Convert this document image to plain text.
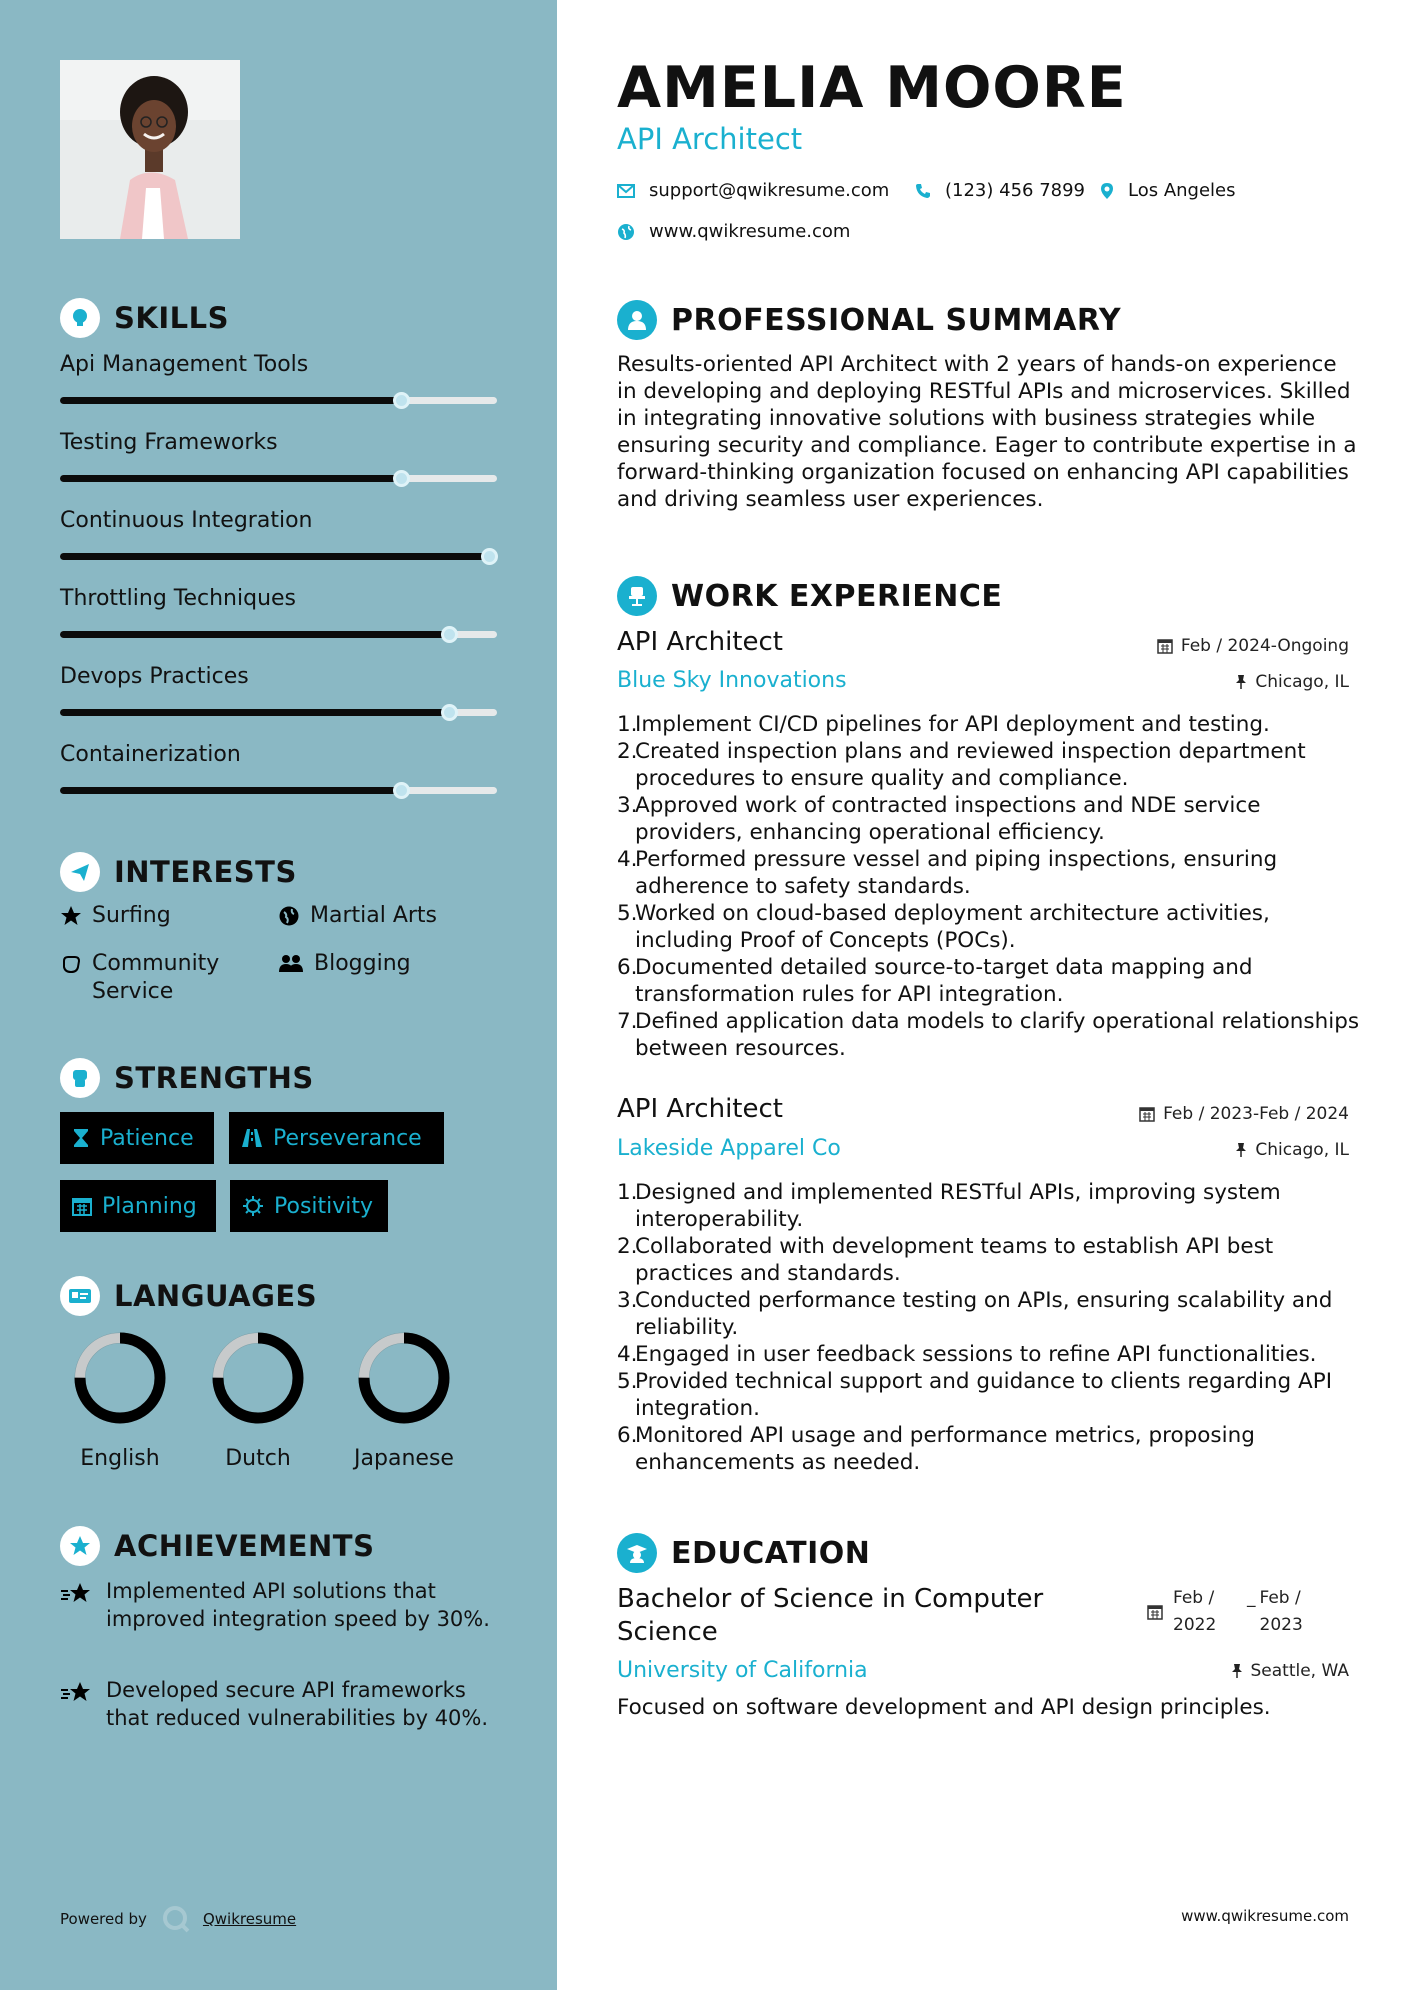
SKILLS
Api Management Tools
Testing Frameworks
Continuous Integration
Throttling Techniques
Devops Practices
Containerization
INTERESTS
Surfing	Martial Arts
Community Service
Blogging
STRENGTHS
Patience	Perseverance
Planning	Positivity
LANGUAGES
English	Dutch	Japanese
ACHIEVEMENTS
Implemented API solutions that improved integration speed by 30%.
Developed secure API frameworks that reduced vulnerabilities by 40%.
Powered by	Qwikresume
AMELIA MOORE
API Architect
support@qwikresume.com	(123) 456 7899 Los Angeles
www.qwikresume.com
PROFESSIONAL SUMMARY
Results-oriented API Architect with 2 years of hands-on experience in developing and deploying RESTful APIs and microservices. Skilled in integrating innovative solutions with business strategies while ensuring security and compliance. Eager to contribute expertise in a forward-thinking organization focused on enhancing API capabilities and driving seamless user experiences.
WORK EXPERIENCE
API Architect	Feb / 2024-Ongoing
Blue Sky Innovations	Chicago, IL
1.
Implement CI/CD pipelines for API deployment and testing.
2.
Created inspection plans and reviewed inspection department procedures to ensure quality and compliance.
3.
Approved work of contracted inspections and NDE service providers, enhancing operational efficiency.
4.
Performed pressure vessel and piping inspections, ensuring adherence to safety standards.
5.
Worked on cloud-based deployment architecture activities, including Proof of Concepts (POCs).
6.
Documented detailed source-to-target data mapping and transformation rules for API integration.
7.
Defined application data models to clarify operational relationships between resources.
API Architect	Feb / 2023-Feb / 2024
Lakeside Apparel Co	Chicago, IL
1.
Designed and implemented RESTful APIs, improving system interoperability.
2.
Collaborated with development teams to establish API best practices and standards.
3.
Conducted performance testing on APIs, ensuring scalability and reliability.
4.
Engaged in user feedback sessions to refine API functionalities.
5.
Provided technical support and guidance to clients regarding API integration.
6.
Monitored API usage and performance metrics, proposing enhancements as needed.
EDUCATION
Bachelor of Science in Computer Science
Feb / 2022
_ Feb / 2023
University of California	Seattle, WA
Focused on software development and API design principles.
www.qwikresume.com
